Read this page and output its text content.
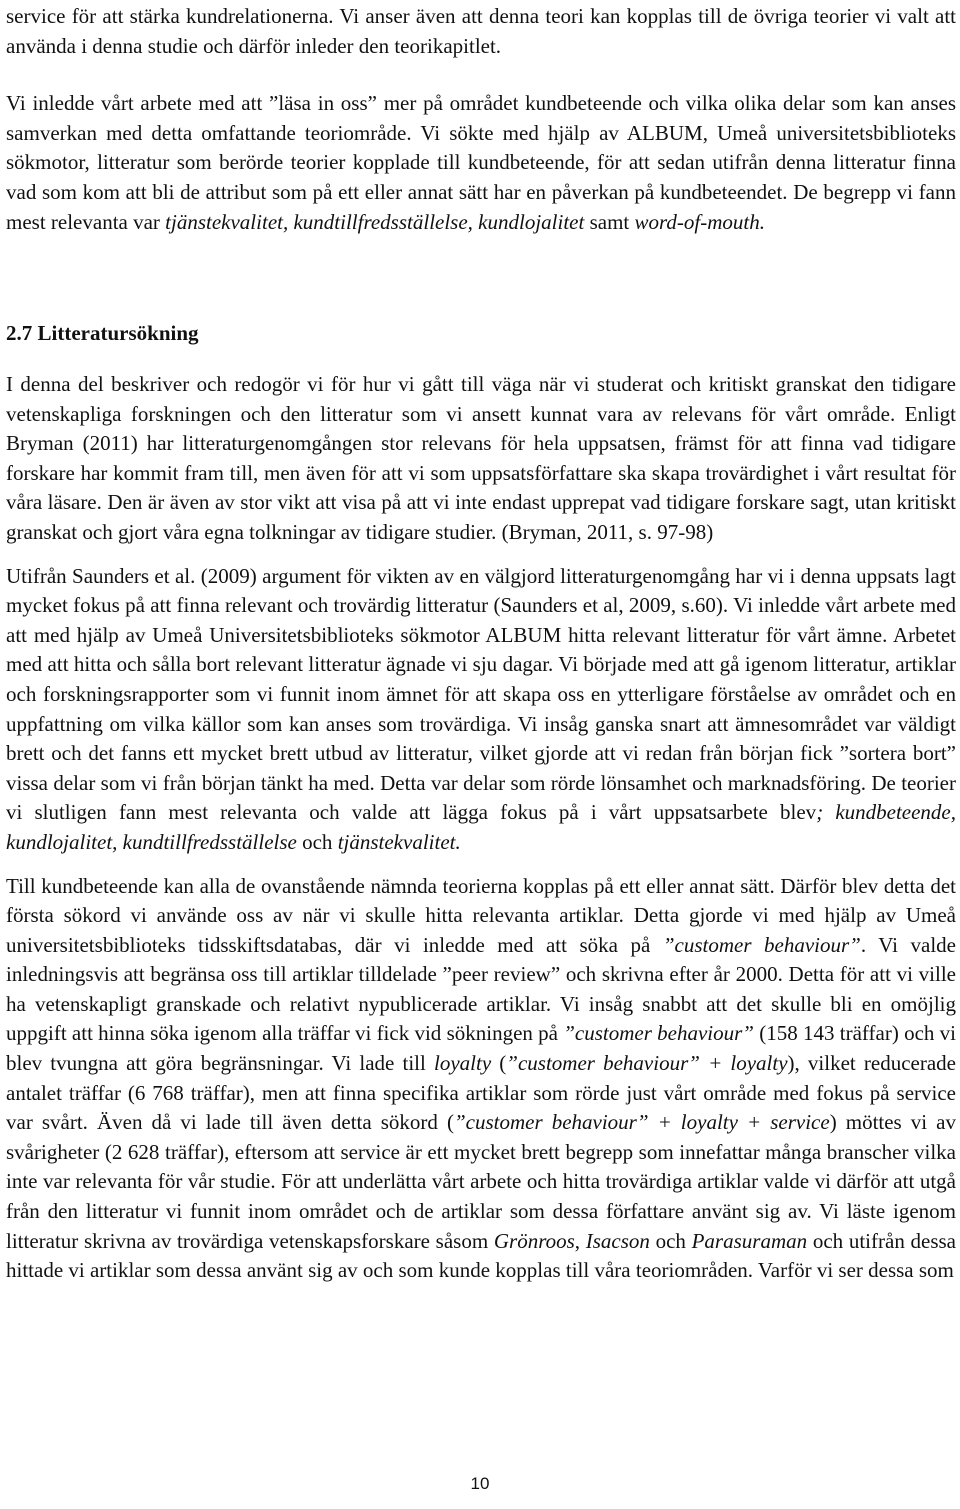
service för att stärka kundrelationerna. Vi anser även att denna teori kan kopplas till de övriga teorier vi valt att använda i denna studie och därför inleder den teorikapitlet.

Vi inledde vårt arbete med att ”läsa in oss” mer på området kundbeteende och vilka olika delar som kan anses samverkan med detta omfattande teoriområde. Vi sökte med hjälp av ALBUM, Umeå universitetsbiblioteks sökmotor, litteratur som berörde teorier kopplade till kundbeteende, för att sedan utifrån denna litteratur finna vad som kom att bli de attribut som på ett eller annat sätt har en påverkan på kundbeteendet. De begrepp vi fann mest relevanta var tjänstekvalitet, kundtillfredsställelse, kundlojalitet samt word-of-mouth.

2.7 Litteratursökning

I denna del beskriver och redogör vi för hur vi gått till väga när vi studerat och kritiskt granskat den tidigare vetenskapliga forskningen och den litteratur som vi ansett kunnat vara av relevans för vårt område. Enligt Bryman (2011) har litteraturgenomgången stor relevans för hela uppsatsen, främst för att finna vad tidigare forskare har kommit fram till, men även för att vi som uppsatsförfattare ska skapa trovärdighet i vårt resultat för våra läsare. Den är även av stor vikt att visa på att vi inte endast upprepat vad tidigare forskare sagt, utan kritiskt granskat och gjort våra egna tolkningar av tidigare studier. (Bryman, 2011, s. 97-98)

Utifrån Saunders et al. (2009) argument för vikten av en välgjord litteraturgenomgång har vi i denna uppsats lagt mycket fokus på att finna relevant och trovärdig litteratur (Saunders et al, 2009, s.60). Vi inledde vårt arbete med att med hjälp av Umeå Universitetsbiblioteks sökmotor ALBUM hitta relevant litteratur för vårt ämne. Arbetet med att hitta och sålla bort relevant litteratur ägnade vi sju dagar. Vi började med att gå igenom litteratur, artiklar och forskningsrapporter som vi funnit inom ämnet för att skapa oss en ytterligare förståelse av området och en uppfattning om vilka källor som kan anses som trovärdiga. Vi insåg ganska snart att ämnesområdet var väldigt brett och det fanns ett mycket brett utbud av litteratur, vilket gjorde att vi redan från början fick ”sortera bort” vissa delar som vi från början tänkt ha med. Detta var delar som rörde lönsamhet och marknadsföring. De teorier vi slutligen fann mest relevanta och valde att lägga fokus på i vårt uppsatsarbete blev; kundbeteende, kundlojalitet, kundtillfredsställelse och tjänstekvalitet.

Till kundbeteende kan alla de ovanstående nämnda teorierna kopplas på ett eller annat sätt. Därför blev detta det första sökord vi använde oss av när vi skulle hitta relevanta artiklar. Detta gjorde vi med hjälp av Umeå universitetsbiblioteks tidsskiftsdatabas, där vi inledde med att söka på ”customer behaviour”. Vi valde inledningsvis att begränsa oss till artiklar tilldelade ”peer review” och skrivna efter år 2000. Detta för att vi ville ha vetenskapligt granskade och relativt nypublicerade artiklar. Vi insåg snabbt att det skulle bli en omöjlig uppgift att hinna söka igenom alla träffar vi fick vid sökningen på ”customer behaviour” (158 143 träffar) och vi blev tvungna att göra begränsningar. Vi lade till loyalty (”customer behaviour” + loyalty), vilket reducerade antalet träffar (6 768 träffar), men att finna specifika artiklar som rörde just vårt område med fokus på service var svårt. Även då vi lade till även detta sökord (”customer behaviour” + loyalty + service) möttes vi av svårigheter (2 628 träffar), eftersom att service är ett mycket brett begrepp som innefattar många branscher vilka inte var relevanta för vår studie. För att underlätta vårt arbete och hitta trovärdiga artiklar valde vi därför att utgå från den litteratur vi funnit inom området och de artiklar som dessa författare använt sig av. Vi läste igenom litteratur skrivna av trovärdiga vetenskapsforskare såsom Grönroos, Isacson och Parasuraman och utifrån dessa hittade vi artiklar som dessa använt sig av och som kunde kopplas till våra teoriområden. Varför vi ser dessa som

10
